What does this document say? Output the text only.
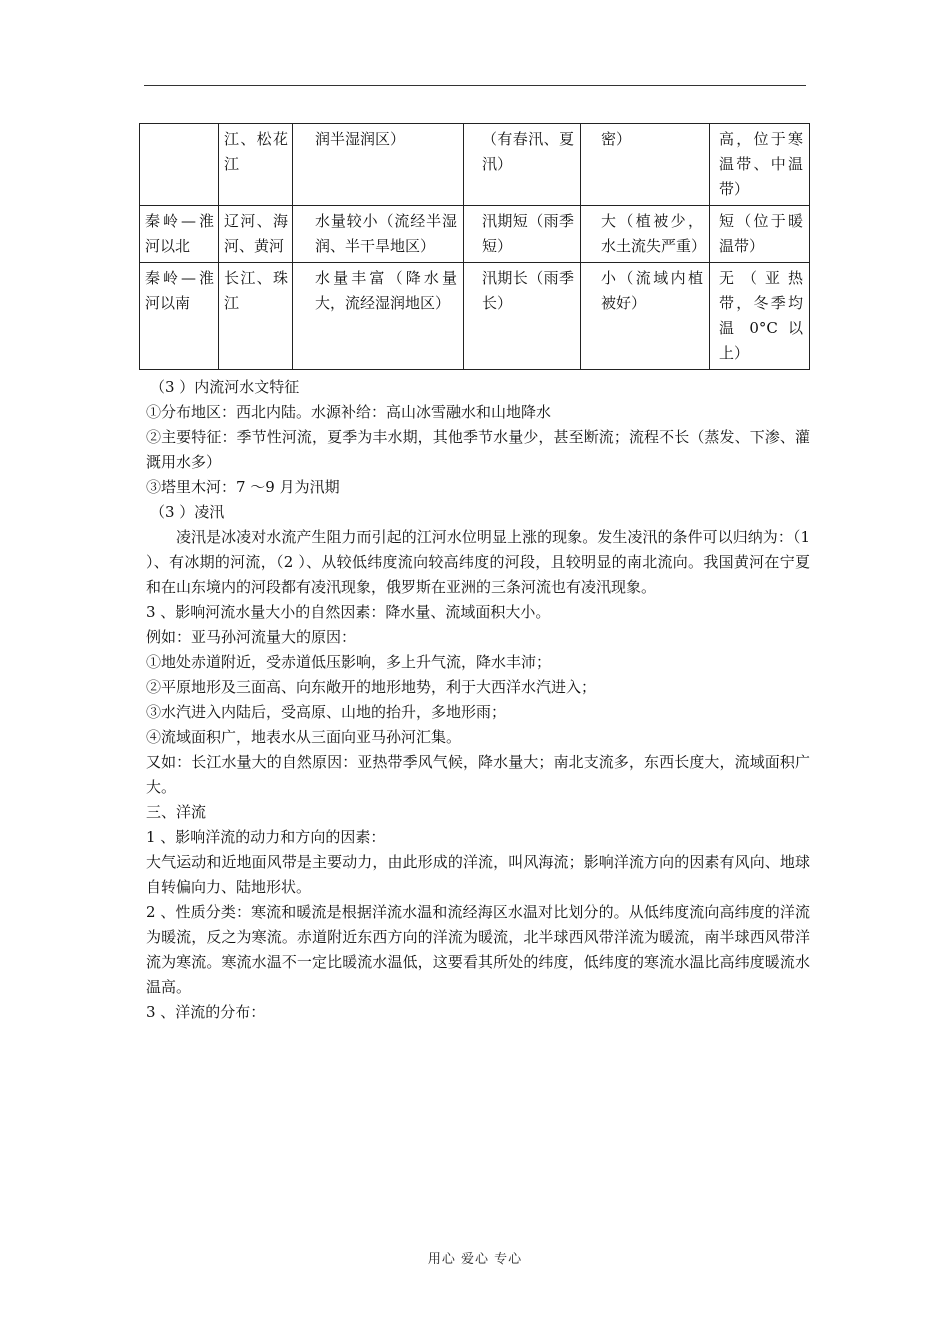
	江、松花江	润半湿润区）	（有春汛、夏汛）	密）	高，位于寒温带、中温带）
秦岭—淮河以北	辽河、海河、黄河	水量较小（流经半湿润、半干旱地区）	汛期短（雨季短）	大（植被少，水土流失严重）	短（位于暖温带）
秦岭—淮河以南	长江、珠江	水量丰富（降水量大，流经湿润地区）	汛期长（雨季长）	小（流域内植被好）	无（亚热带，冬季均温 0°C 以上）

（3 ）内流河水文特征

①分布地区：西北内陆。水源补给：高山冰雪融水和山地降水

②主要特征：季节性河流，夏季为丰水期，其他季节水量少，甚至断流；流程不长（蒸发、下渗、灌溉用水多）

③塔里木河：7 ～9 月为汛期

（3 ）凌汛

凌汛是冰凌对水流产生阻力而引起的江河水位明显上涨的现象。发生凌汛的条件可以归纳为：（1 ）、有冰期的河流，（2 ）、从较低纬度流向较高纬度的河段，且较明显的南北流向。我国黄河在宁夏和在山东境内的河段都有凌汛现象，俄罗斯在亚洲的三条河流也有凌汛现象。

3 、影响河流水量大小的自然因素：降水量、流域面积大小。

例如：亚马孙河流量大的原因：

①地处赤道附近，受赤道低压影响，多上升气流，降水丰沛；

②平原地形及三面高、向东敞开的地形地势，利于大西洋水汽进入；

③水汽进入内陆后，受高原、山地的抬升，多地形雨；

④流域面积广，地表水从三面向亚马孙河汇集。

又如：长江水量大的自然原因：亚热带季风气候，降水量大；南北支流多，东西长度大，流域面积广大。

三、洋流

1 、影响洋流的动力和方向的因素：

大气运动和近地面风带是主要动力，由此形成的洋流，叫风海流；影响洋流方向的因素有风向、地球自转偏向力、陆地形状。

2 、性质分类：寒流和暖流是根据洋流水温和流经海区水温对比划分的。从低纬度流向高纬度的洋流为暖流，反之为寒流。赤道附近东西方向的洋流为暖流，北半球西风带洋流为暖流，南半球西风带洋流为寒流。寒流水温不一定比暖流水温低，这要看其所处的纬度，低纬度的寒流水温比高纬度暖流水温高。

3 、洋流的分布：

用心 爱心 专心
